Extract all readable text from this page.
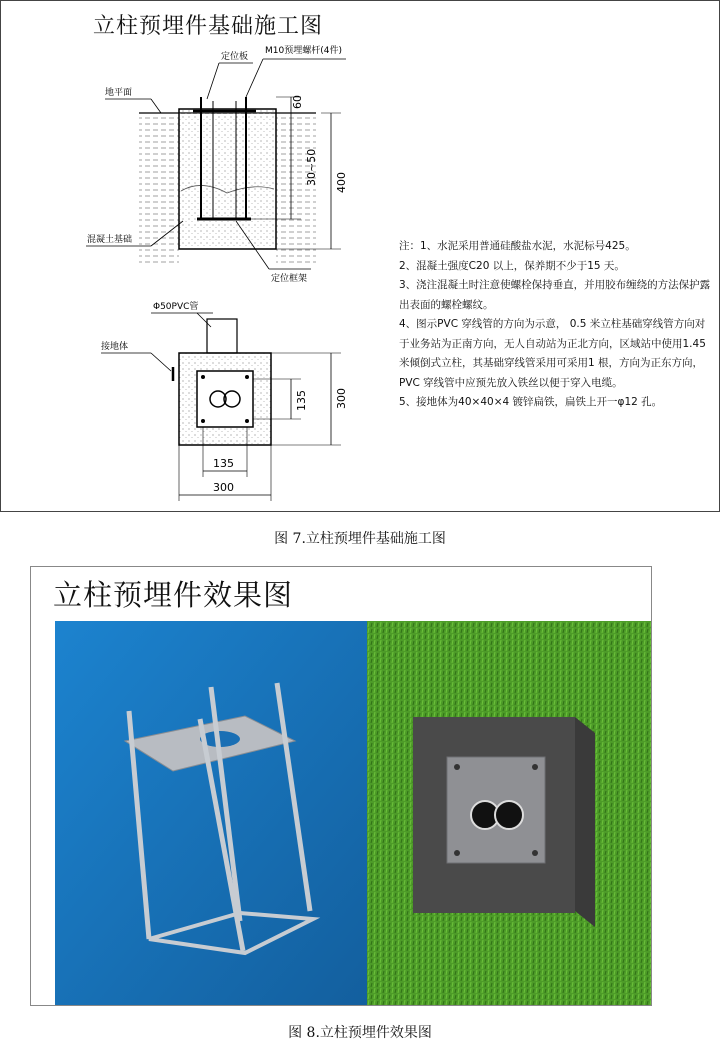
立柱预埋件基础施工图
定位板
M10预埋螺杆(4件)
地平面
混凝土基础
定位框架
60
30~50 400
Φ50PVC管
接地体
135 300
135
300

注：1、水泥采用普通硅酸盐水泥，水泥标号425。

2、混凝土强度C20 以上，保养期不少于15 天。

3、浇注混凝土时注意使螺栓保持垂直，并用胶布缠绕的方法保护露出表面的螺栓螺纹。

4、图示PVC 穿线管的方向为示意， 0.5 米立柱基础穿线管方向对于业务站为正南方向，无人自动站为正北方向，区域站中使用1.45 米倾倒式立柱，其基础穿线管采用可采用1 根，方向为正东方向，PVC 穿线管中应预先放入铁丝以便于穿入电缆。

5、接地体为40×40×4 镀锌扁铁，扁铁上开一φ12 孔。

图 7.立柱预埋件基础施工图
立柱预埋件效果图
图 8.立柱预埋件效果图
